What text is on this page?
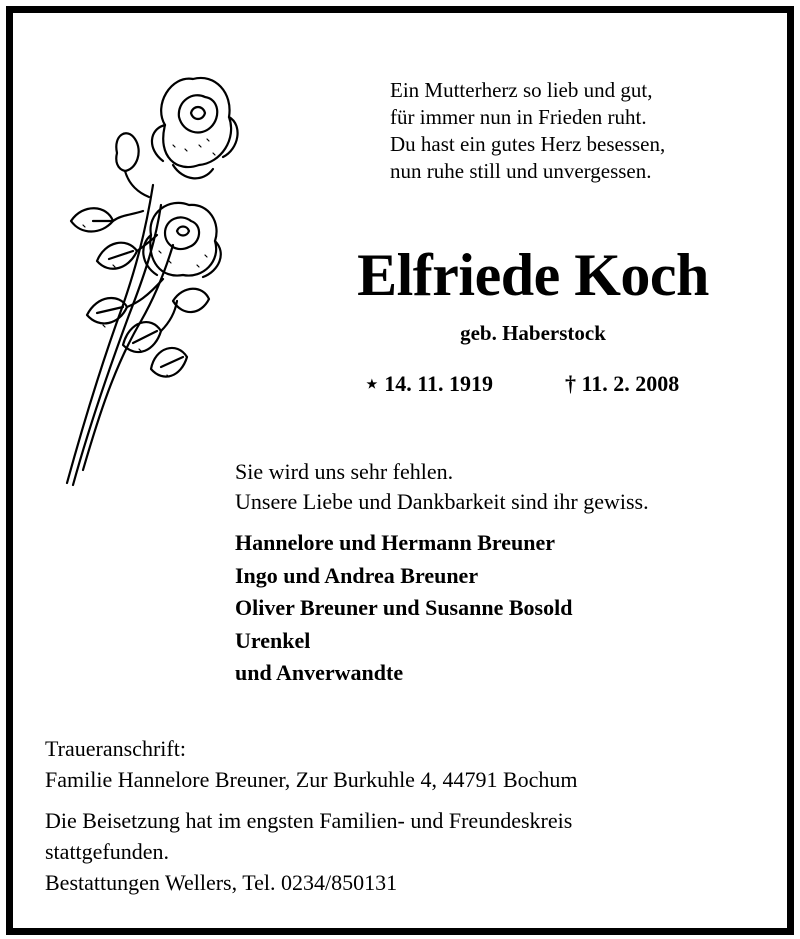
Ein Mutterherz so lieb und gut,
für immer nun in Frieden ruht.
Du hast ein gutes Herz besessen,
nun ruhe still und unvergessen.
Elfriede Koch
geb. Haberstock
⋆ 14. 11. 1919	† 11. 2. 2008
Sie wird uns sehr fehlen.
Unsere Liebe und Dankbarkeit sind ihr gewiss.
Hannelore und Hermann Breuner
Ingo und Andrea Breuner
Oliver Breuner und Susanne Bosold
Urenkel
und Anverwandte
Traueranschrift:
Familie Hannelore Breuner, Zur Burkuhle 4, 44791 Bochum
Die Beisetzung hat im engsten Familien- und Freundeskreis
stattgefunden.
Bestattungen Wellers, Tel. 0234/850131
